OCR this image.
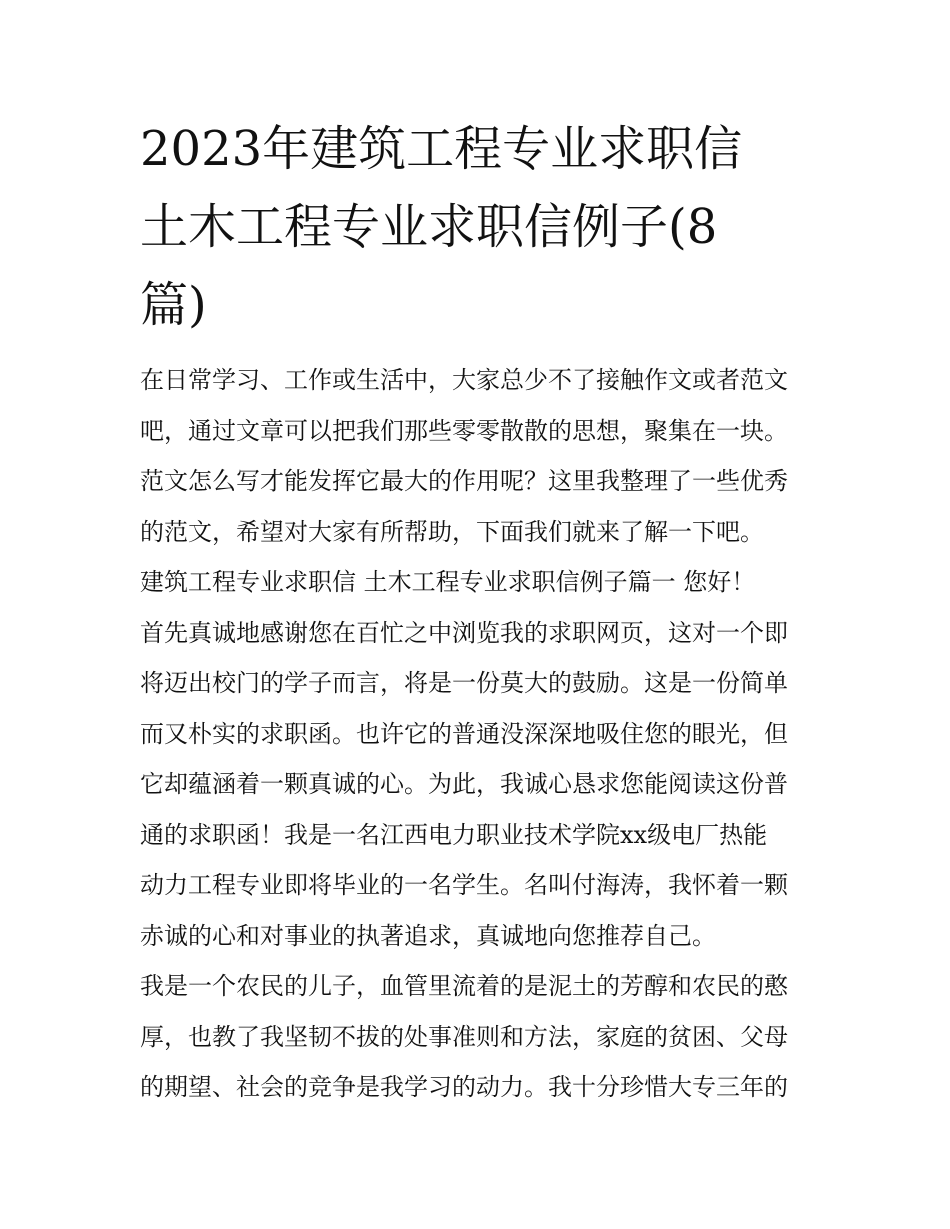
2023年建筑工程专业求职信
土木工程专业求职信例子(8
篇)
在日常学习、工作或生活中，大家总少不了接触作文或者范文
吧，通过文章可以把我们那些零零散散的思想，聚集在一块。
范文怎么写才能发挥它最大的作用呢？这里我整理了一些优秀
的范文，希望对大家有所帮助，下面我们就来了解一下吧。
建筑工程专业求职信 土木工程专业求职信例子篇一 您好！
首先真诚地感谢您在百忙之中浏览我的求职网页，这对一个即
将迈出校门的学子而言，将是一份莫大的鼓励。这是一份简单
而又朴实的求职函。也许它的普通没深深地吸住您的眼光，但
它却蕴涵着一颗真诚的心。为此，我诚心恳求您能阅读这份普
通的求职函！我是一名江西电力职业技术学院xx级电厂热能
动力工程专业即将毕业的一名学生。名叫付海涛，我怀着一颗
赤诚的心和对事业的执著追求，真诚地向您推荐自己。
我是一个农民的儿子，血管里流着的是泥土的芳醇和农民的憨
厚，也教了我坚韧不拔的处事准则和方法，家庭的贫困、父母
的期望、社会的竞争是我学习的动力。我十分珍惜大专三年的
